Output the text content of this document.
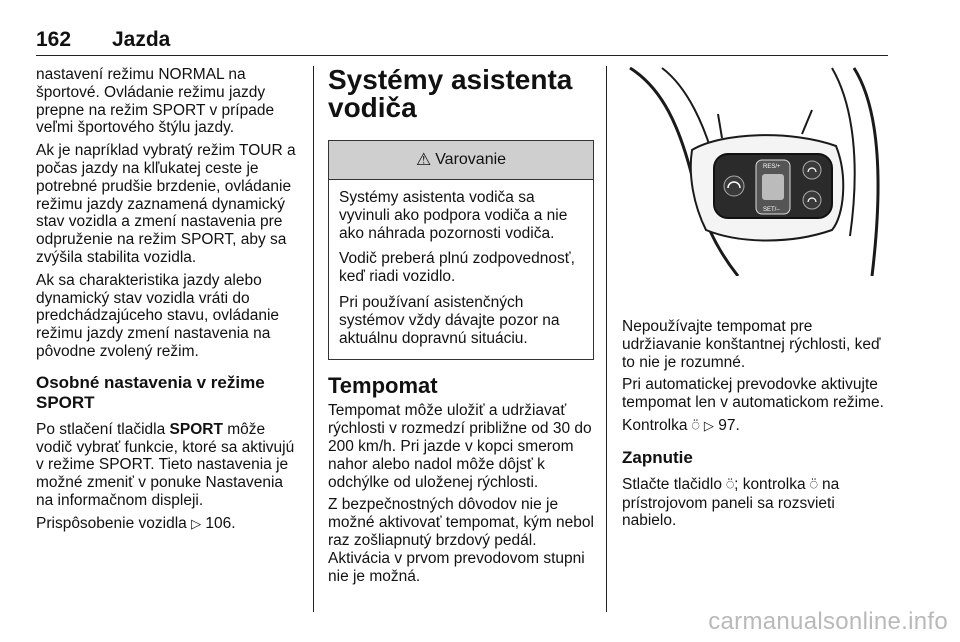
162 Jazda

nastavení režimu NORMAL na športové. Ovládanie režimu jazdy prepne na režim SPORT v prípade veľmi športového štýlu jazdy.

Ak je napríklad vybratý režim TOUR a počas jazdy na klľukatej ceste je potrebné prudšie brzdenie, ovládanie režimu jazdy zaznamená dynamický stav vozidla a zmení nastavenia pre odpruženie na režim SPORT, aby sa zvýšila stabilita vozidla.

Ak sa charakteristika jazdy alebo dynamický stav vozidla vráti do predchádzajúceho stavu, ovládanie režimu jazdy zmení nastavenia na pôvodne zvolený režim.

Osobné nastavenia v režime SPORT

Po stlačení tlačidla SPORT môže vodič vybrať funkcie, ktoré sa aktivujú v režime SPORT. Tieto nastavenia je možné zmeniť v ponuke Nastavenia na informačnom displeji.

Prispôsobenie vozidla ▷ 106.

Systémy asistenta vodiča
⚠ Varovanie

Systémy asistenta vodiča sa vyvinuli ako podpora vodiča a nie ako náhrada pozornosti vodiča.

Vodič preberá plnú zodpovednosť, keď riadi vozidlo.

Pri používaní asistenčných systémov vždy dávajte pozor na aktuálnu dopravnú situáciu.

Tempomat

Tempomat môže uložiť a udržiavať rýchlosti v rozmedzí približne od 30 do 200 km/h. Pri jazde v kopci smerom nahor alebo nadol môže dôjsť k odchýlke od uloženej rýchlosti.

Z bezpečnostných dôvodov nie je možné aktivovať tempomat, kým nebol raz zošliapnutý brzdový pedál. Aktivácia v prvom prevodovom stupni nie je možná.

RES/+
SET/–

Nepoužívajte tempomat pre udržiavanie konštantnej rýchlosti, keď to nie je rozumné.

Pri automatickej prevodovke aktivujte tempomat len v automatickom režime.

Kontrolka ⍥ ▷ 97.

Zapnutie

Stlačte tlačidlo ⍥; kontrolka ⍥ na prístrojovom paneli sa rozsvieti nabielo.

carmanualsonline.info
